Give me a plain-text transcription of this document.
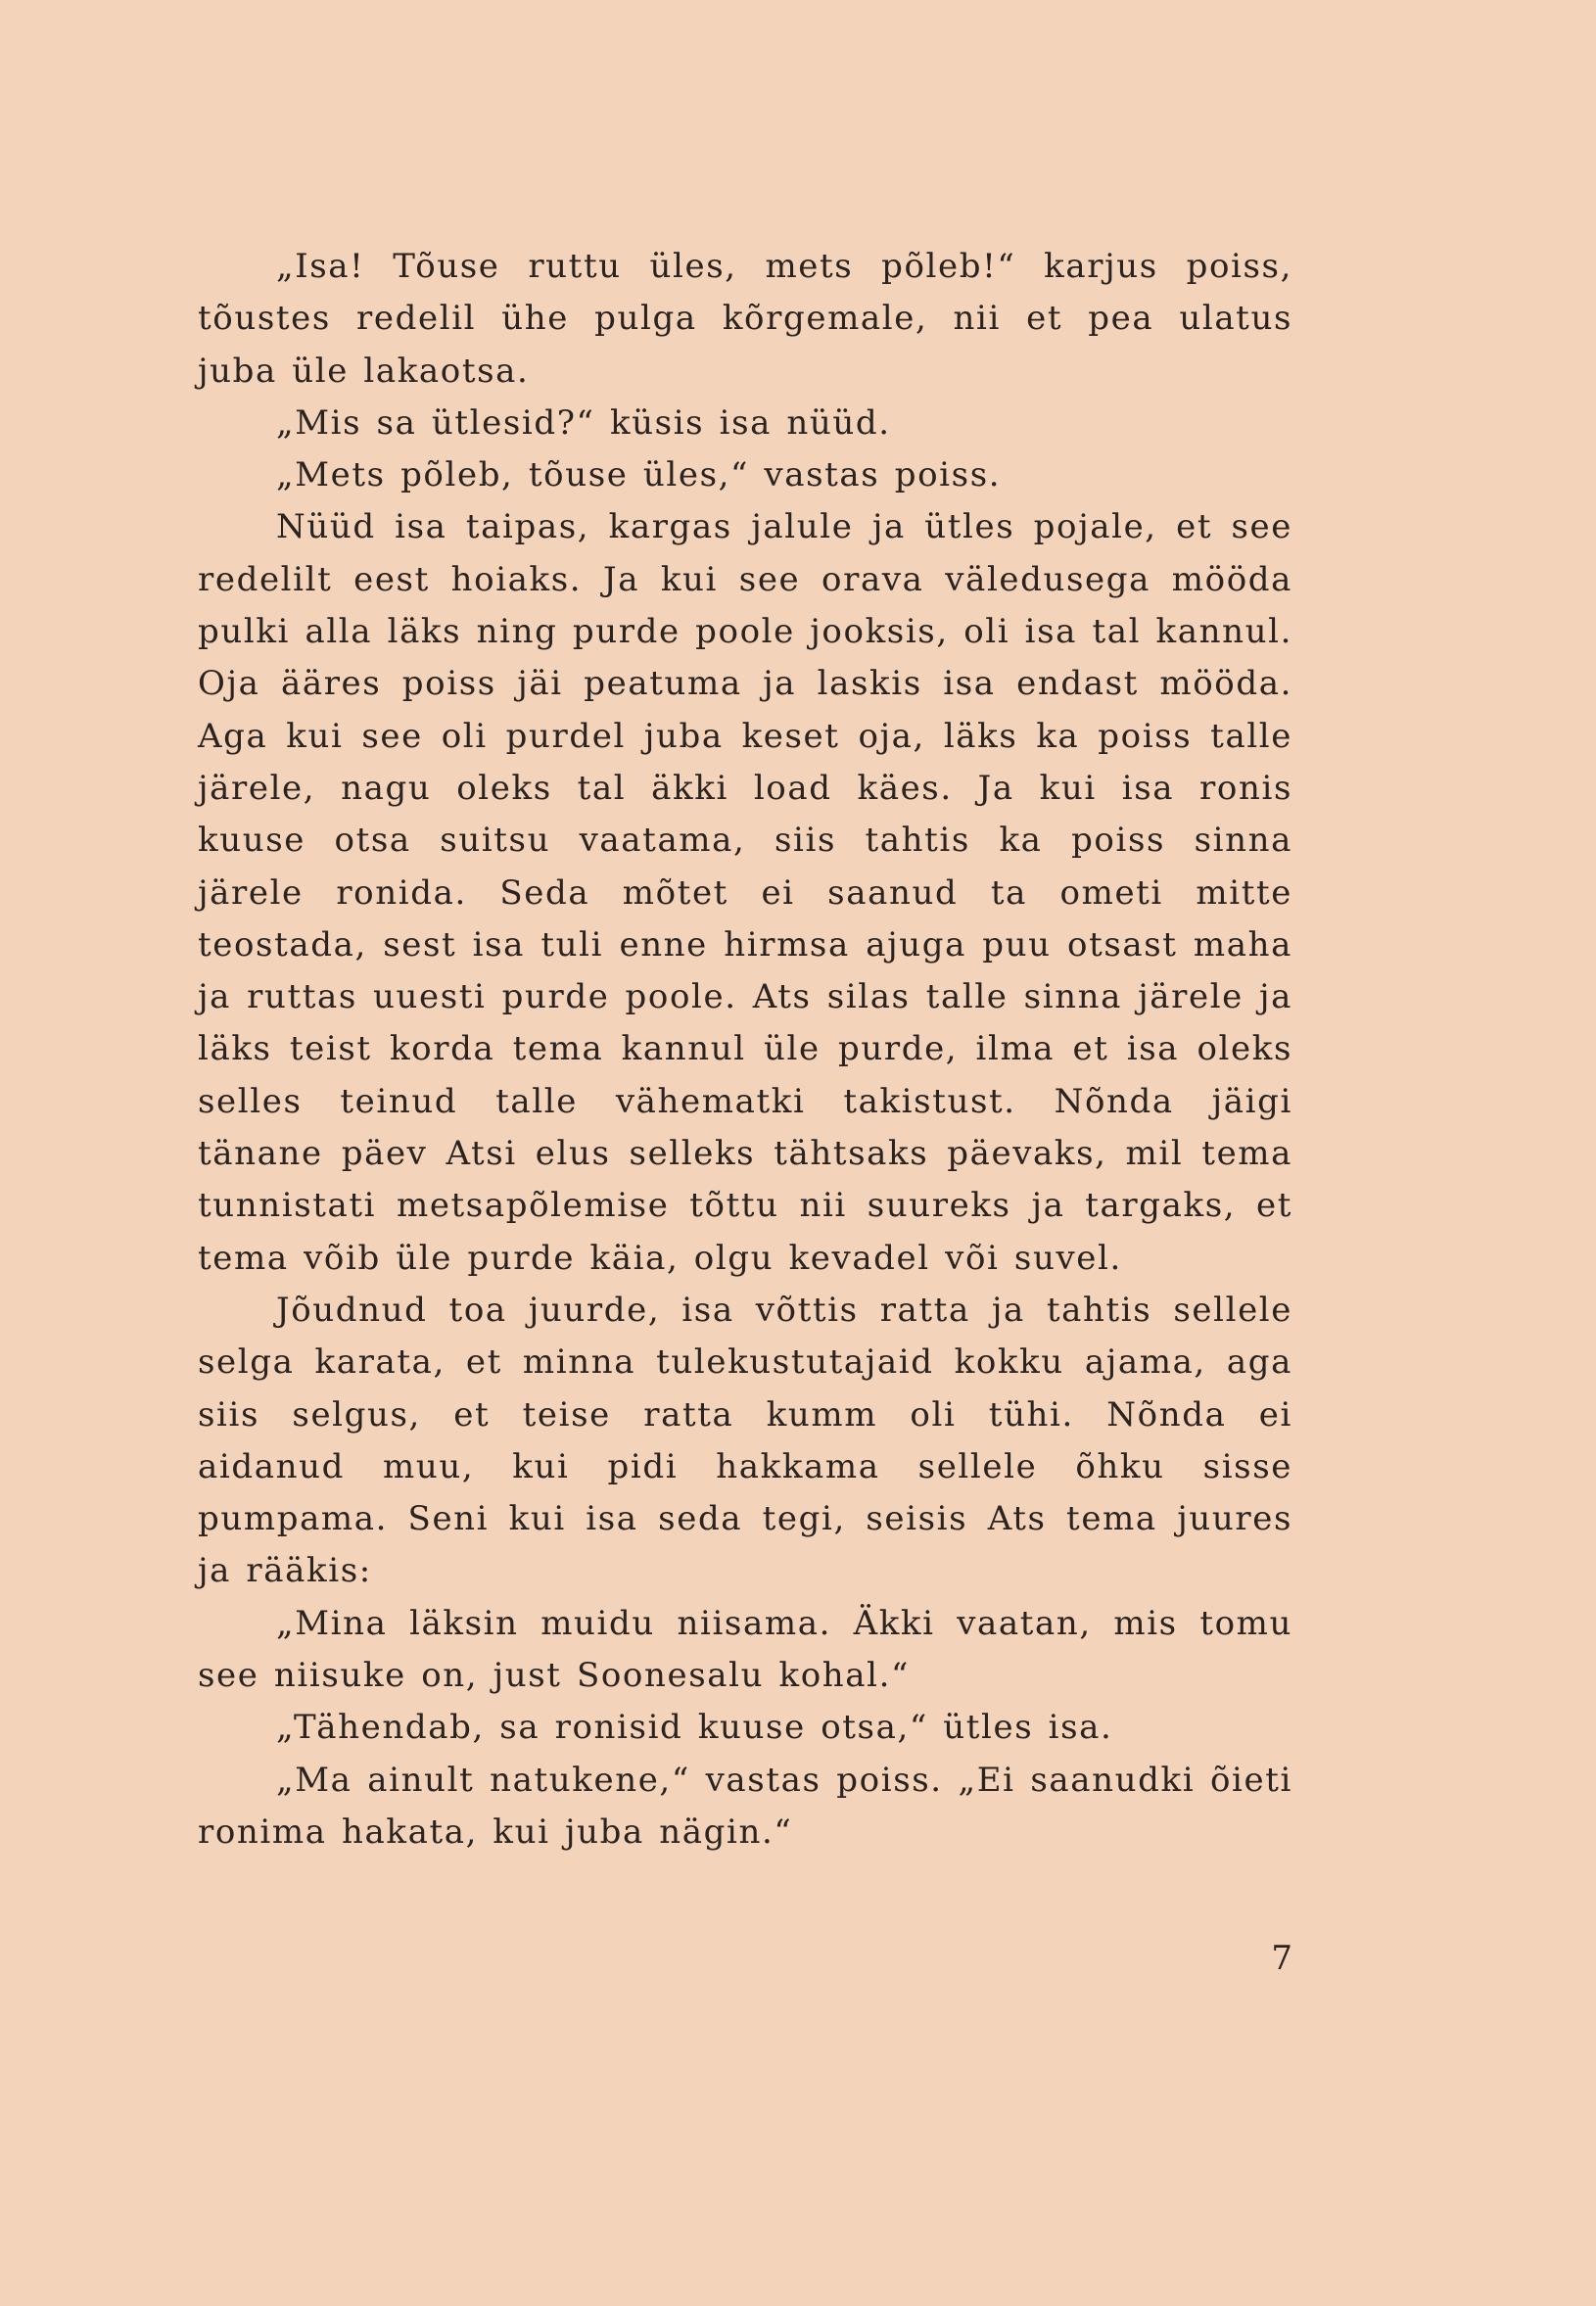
„Isa! Tõuse ruttu üles, mets põleb!“ karjus poiss, tõustes redelil ühe pulga kõrgemale, nii et pea ulatus juba üle lakaotsa.

„Mis sa ütlesid?“ küsis isa nüüd.

„Mets põleb, tõuse üles,“ vastas poiss.

Nüüd isa taipas, kargas jalule ja ütles pojale, et see redelilt eest hoiaks. Ja kui see orava väledusega mööda pulki alla läks ning purde poole jooksis, oli isa tal kannul. Oja ääres poiss jäi peatuma ja laskis isa endast mööda. Aga kui see oli purdel juba keset oja, läks ka poiss talle järele, nagu oleks tal äkki load käes. Ja kui isa ronis kuuse otsa suitsu vaatama, siis tahtis ka poiss sinna järele ronida. Seda mõtet ei saanud ta ometi mitte teostada, sest isa tuli enne hirmsa ajuga puu otsast maha ja ruttas uuesti purde poole. Ats silas talle sinna järele ja läks teist korda tema kannul üle purde, ilma et isa oleks selles teinud talle vähematki takistust. Nõnda jäigi tänane päev Atsi elus selleks tähtsaks päevaks, mil tema tunnistati metsapõlemise tõttu nii suureks ja targaks, et tema võib üle purde käia, olgu kevadel või suvel.

Jõudnud toa juurde, isa võttis ratta ja tahtis sellele selga karata, et minna tulekustutajaid kokku ajama, aga siis selgus, et teise ratta kumm oli tühi. Nõnda ei aidanud muu, kui pidi hakkama sellele õhku sisse pumpama. Seni kui isa seda tegi, seisis Ats tema juures ja rääkis:

„Mina läksin muidu niisama. Äkki vaatan, mis tomu see niisuke on, just Soonesalu kohal.“

„Tähendab, sa ronisid kuuse otsa,“ ütles isa.

„Ma ainult natukene,“ vastas poiss. „Ei saanudki õieti ronima hakata, kui juba nägin.“

7
